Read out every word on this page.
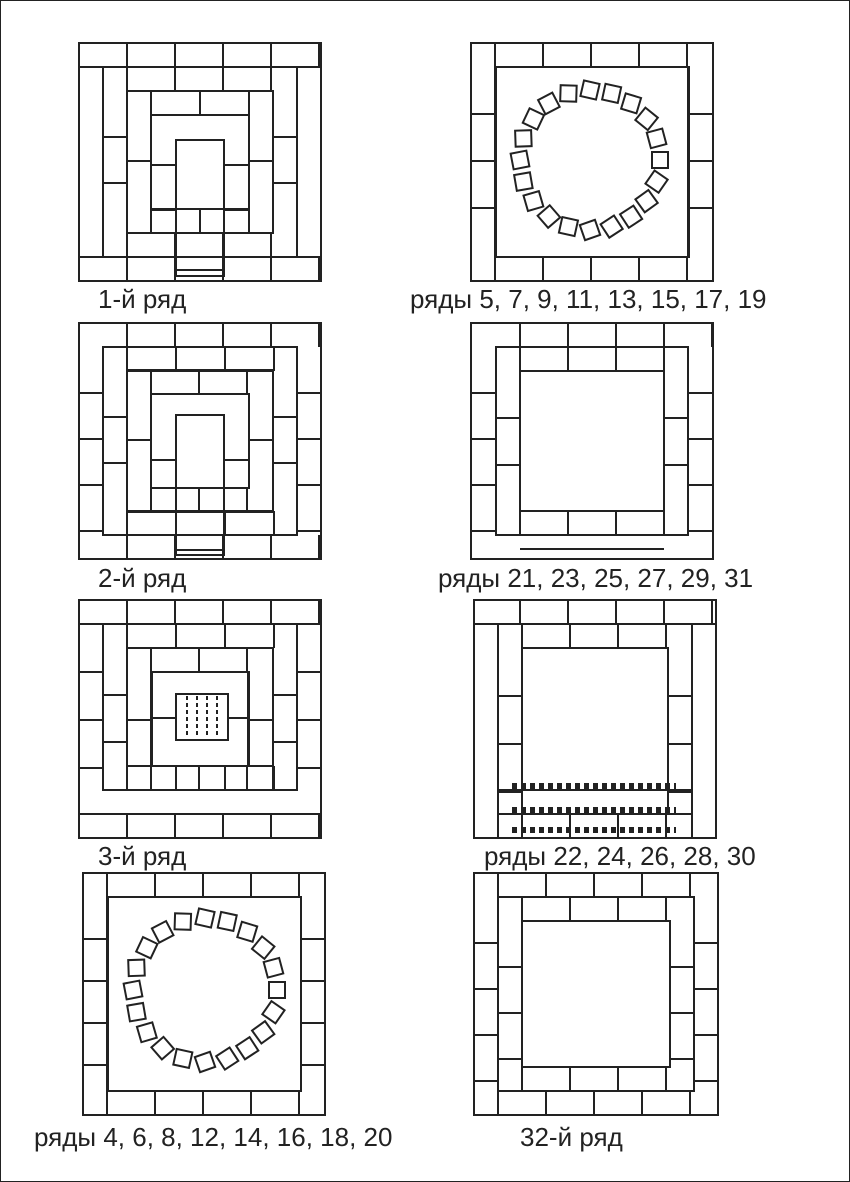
1-й ряд	ряды 5, 7, 9, 11, 13, 15, 17, 19
2-й ряд	ряды 21, 23, 25, 27, 29, 31
3-й ряд	ряды 22, 24, 26, 28, 30
ряды 4, 6, 8, 12, 14, 16, 18, 20	32-й ряд
